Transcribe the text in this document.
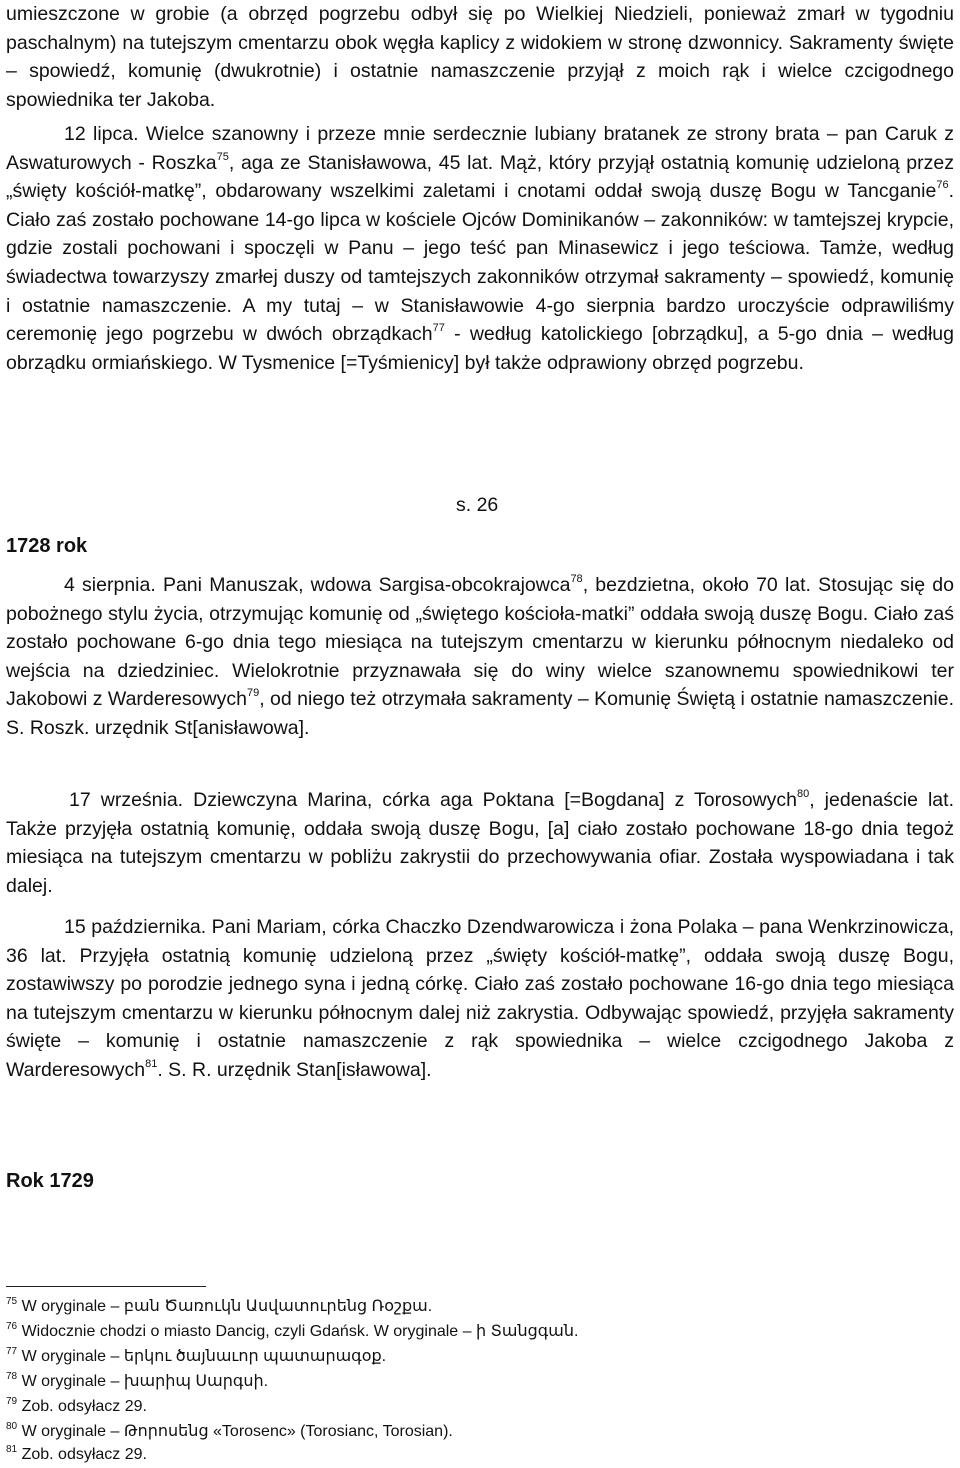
umieszczone w grobie (a obrzęd pogrzebu odbył się po Wielkiej Niedzieli, ponieważ zmarł w tygodniu paschalnym) na tutejszym cmentarzu obok węgła kaplicy z widokiem w stronę dzwonnicy. Sakramenty święte – spowiedź, komunię (dwukrotnie) i ostatnie namaszczenie przyjął z moich rąk i wielce czcigodnego spowiednika ter Jakoba.

12 lipca. Wielce szanowny i przeze mnie serdecznie lubiany bratanek ze strony brata – pan Caruk z Aswaturowych - Roszka$^{75}$, aga ze Stanisławowa, 45 lat. Mąż, który przyjął ostatnią komunię udzieloną przez „święty kościół-matkę”, obdarowany wszelkimi zaletami i cnotami oddał swoją duszę Bogu w Tancganie$^{76}$. Ciało zaś zostało pochowane 14-go lipca w kościele Ojców Dominikanów – zakonników: w tamtejszej krypcie, gdzie zostali pochowani i spoczęli w Panu – jego teść pan Minasewicz i jego teściowa. Tamże, według świadectwa towarzyszy zmarłej duszy od tamtejszych zakonników otrzymał sakramenty – spowiedź, komunię i ostatnie namaszczenie. A my tutaj – w Stanisławowie 4-go sierpnia bardzo uroczyście odprawiliśmy ceremonię jego pogrzebu w dwóch obrządkach$^{77}$ - według katolickiego [obrządku], a 5-go dnia – według obrządku ormiańskiego. W Tysmenice [=Tyśmienicy] był także odprawiony obrzęd pogrzebu.

s. 26

1728 rok

4 sierpnia. Pani Manuszak, wdowa Sargisa-obcokrajowca$^{78}$, bezdzietna, około 70 lat. Stosując się do pobożnego stylu życia, otrzymując komunię od „świętego kościoła-matki” oddała swoją duszę Bogu. Ciało zaś zostało pochowane 6-go dnia tego miesiąca na tutejszym cmentarzu w kierunku północnym niedaleko od wejścia na dziedziniec. Wielokrotnie przyznawała się do winy wielce szanownemu spowiednikowi ter Jakobowi z Warderesowych$^{79}$, od niego też otrzymała sakramenty – Komunię Świętą i ostatnie namaszczenie. S. Roszk. urzędnik St[anisławowa].

17 września. Dziewczyna Marina, córka aga Poktana [=Bogdana] z Torosowych$^{80}$, jedenaście lat. Także przyjęła ostatnią komunię, oddała swoją duszę Bogu, [a] ciało zostało pochowane 18-go dnia tegoż miesiąca na tutejszym cmentarzu w pobliżu zakrystii do przechowywania ofiar. Została wyspowiadana i tak dalej.

15 października. Pani Mariam, córka Chaczko Dzendwarowicza i żona Polaka – pana Wenkrzinowicza, 36 lat. Przyjęła ostatnią komunię udzieloną przez „święty kościół-matkę”, oddała swoją duszę Bogu, zostawiwszy po porodzie jednego syna i jedną córkę. Ciało zaś zostało pochowane 16-go dnia tego miesiąca na tutejszym cmentarzu w kierunku północnym dalej niż zakrystia. Odbywając spowiedź, przyjęła sakramenty święte – komunię i ostatnie namaszczenie z rąk spowiednika – wielce czcigodnego Jakoba z Warderesowych$^{81}$. S. R. urzędnik Stan[isławowa].

Rok 1729

$^{75}$ W oryginale – բան Ծառուկն Ասվատուրենց Ռօշքա.

$^{76}$ Widocznie chodzi o miasto Dancig, czyli Gdańsk. W oryginale – ի Տանցգան.

$^{77}$ W oryginale – երկու ծայնաւոր պատարագօք.

$^{78}$ W oryginale – խարիպ Սարգսի.

$^{79}$ Zob. odsyłacz 29.

$^{80}$ W oryginale – Թորոսենց «Torosenc» (Torosianc, Torosian).

$^{81}$ Zob. odsyłacz 29.
